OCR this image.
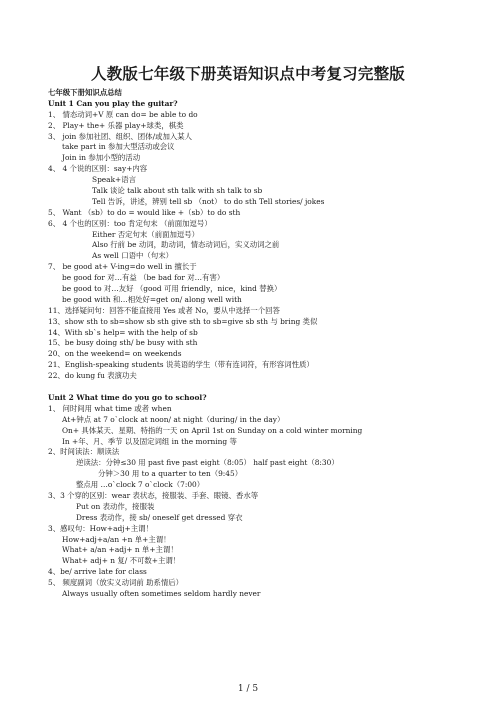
人教版七年级下册英语知识点中考复习完整版
七年级下册知识点总结
Unit 1 Can you play the guitar?
1、 情态动词+V 原 can do= be able to do
2、 Play+ the+ 乐器 play+球类，棋类
3、 join 参加社团、组织、团体/或加入某人
take part in 参加大型活动或会议
Join in 参加小型的活动
4、 4 个说的区别：say+内容
Speak+语言
Talk 谈论 talk about sth talk with sh talk to sb
Tell 告诉，讲述，辨别 tell sb （not） to do sth Tell stories/ jokes
5、 Want （sb）to do = would like +（sb）to do sth
6、 4 个也的区别：too 肯定句末 （前面加逗号）
Either 否定句末（前面加逗号）
Also 行前 be 动词，助动词，情态动词后，实义动词之前
As well 口语中（句末）
7、 be good at+ V-ing=do well in 擅长于
be good for 对…有益 （be bad for 对…有害）
be good to 对…友好 （good 可用 friendly，nice，kind 替换）
be good with 和…相处好=get on/ along well with
11、选择疑问句：回答不能直接用 Yes 或者 No，要从中选择一个回答
13、show sth to sb=show sb sth give sth to sb=give sb sth 与 bring 类似
14、With sb`s help= with the help of sb
15、be busy doing sth/ be busy with sth
20、on the weekend= on weekends
21、English-speaking students 说英语的学生（带有连词符，有形容词性质）
22、do kung fu 表演功夫
Unit 2 What time do you go to school?
1、 问时间用 what time 或者 when
At+钟点 at 7 o`clock at noon/ at night（during/ in the day）
On+ 具体某天、星期、特指的一天 on April 1st on Sunday on a cold winter morning
In +年、月、季节 以及固定词组 in the morning 等
2、时间读法：顺读法
逆读法：分钟≤30 用 past five past eight（8:05） half past eight（8:30）
分钟＞30 用 to a quarter to ten（9:45）
整点用 …o`clock 7 o`clock（7:00）
3、3 个穿的区别：wear 表状态，接服装、手套、眼镜、香水等
Put on 表动作，接服装
Dress 表动作，接 sb/ oneself get dressed 穿衣
3、感叹句：How+adj+主谓！
How+adj+a/an +n 单+主谓！
What+ a/an +adj+ n 单+主谓！
What+ adj+ n 复/ 不可数+主谓！
4、be/ arrive late for class
5、 频度副词（放实义动词前 助系情后）
Always usually often sometimes seldom hardly never
1 / 5
